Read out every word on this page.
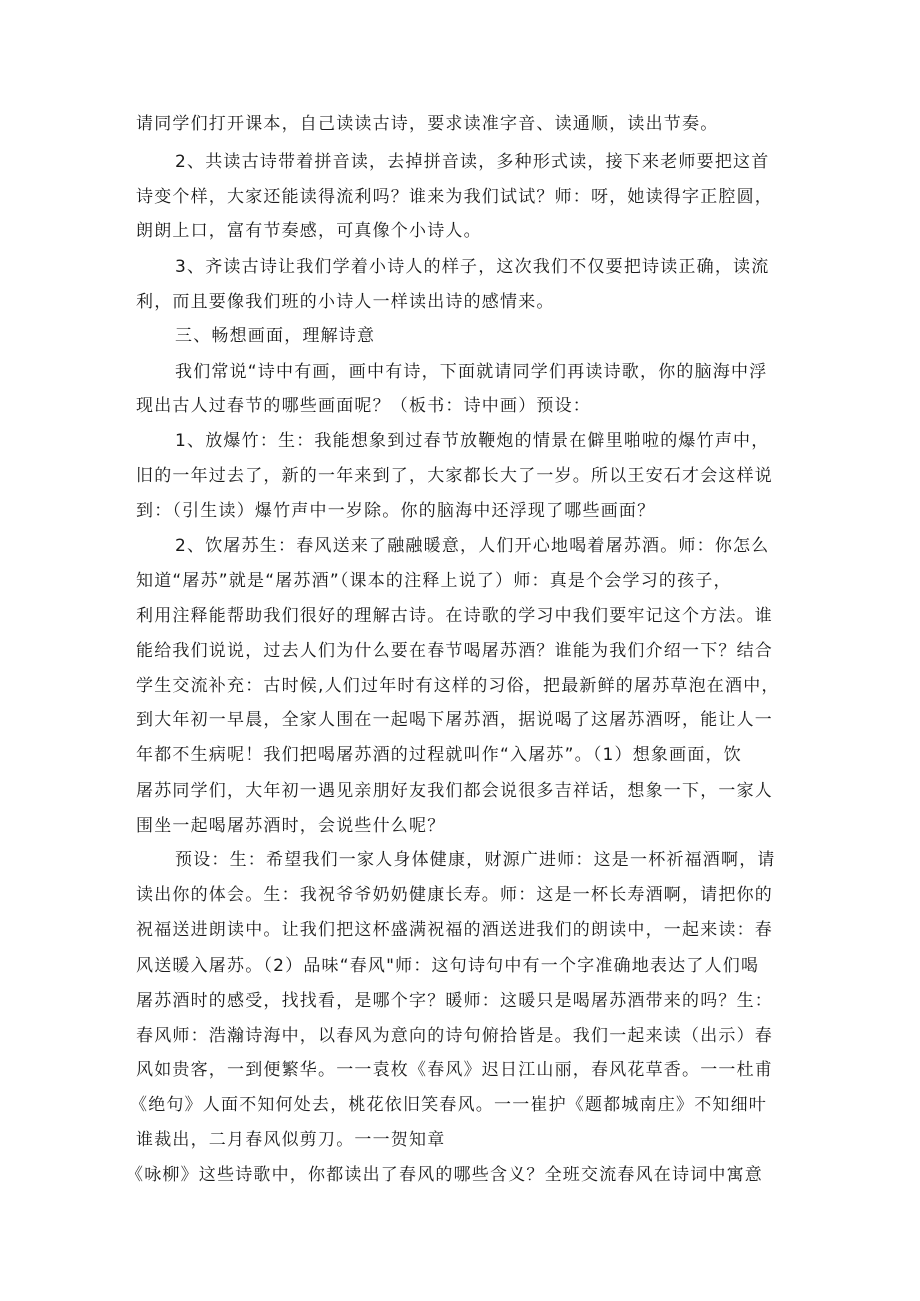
请同学们打开课本，自己读读古诗，要求读准字音、读通顺，读出节奏。
2、共读古诗带着拼音读，去掉拼音读，多种形式读，接下来老师要把这首
诗变个样，大家还能读得流利吗？谁来为我们试试？师：呀，她读得字正腔圆，
朗朗上口，富有节奏感，可真像个小诗人。
3、齐读古诗让我们学着小诗人的样子，这次我们不仅要把诗读正确，读流
利，而且要像我们班的小诗人一样读出诗的感情来。
三、畅想画面，理解诗意
我们常说“诗中有画，画中有诗，下面就请同学们再读诗歌，你的脑海中浮
现出古人过春节的哪些画面呢？（板书：诗中画）预设：
1、放爆竹：生：我能想象到过春节放鞭炮的情景在僻里啪啦的爆竹声中，
旧的一年过去了，新的一年来到了，大家都长大了一岁。所以王安石才会这样说
到：（引生读）爆竹声中一岁除。你的脑海中还浮现了哪些画面？
2、饮屠苏生：春风送来了融融暖意，人们开心地喝着屠苏酒。师：你怎么
知道“屠苏”就是“屠苏酒”（课本的注释上说了）师：真是个会学习的孩子，
利用注释能帮助我们很好的理解古诗。在诗歌的学习中我们要牢记这个方法。谁
能给我们说说，过去人们为什么要在春节喝屠苏酒？谁能为我们介绍一下？结合
学生交流补充：古时候,人们过年时有这样的习俗，把最新鲜的屠苏草泡在酒中，
到大年初一早晨，全家人围在一起喝下屠苏酒，据说喝了这屠苏酒呀，能让人一
年都不生病呢！我们把喝屠苏酒的过程就叫作“入屠苏”。（1）想象画面，饮
屠苏同学们，大年初一遇见亲朋好友我们都会说很多吉祥话，想象一下，一家人
围坐一起喝屠苏酒时，会说些什么呢？
预设：生：希望我们一家人身体健康，财源广进师：这是一杯祈福酒啊，请
读出你的体会。生：我祝爷爷奶奶健康长寿。师：这是一杯长寿酒啊，请把你的
祝福送进朗读中。让我们把这杯盛满祝福的酒送进我们的朗读中，一起来读：春
风送暖入屠苏。（2）品味“春风"师：这句诗句中有一个字准确地表达了人们喝
屠苏酒时的感受，找找看，是哪个字？暖师：这暖只是喝屠苏酒带来的吗？生：
春风师：浩瀚诗海中，以春风为意向的诗句俯拾皆是。我们一起来读（出示）春
风如贵客，一到便繁华。一一袁枚《春风》迟日江山丽，春风花草香。一一杜甫
《绝句》人面不知何处去，桃花依旧笑春风。一一崔护《题都城南庄》不知细叶
谁裁出，二月春风似剪刀。一一贺知章
《咏柳》这些诗歌中，你都读出了春风的哪些含义？全班交流春风在诗词中寓意
